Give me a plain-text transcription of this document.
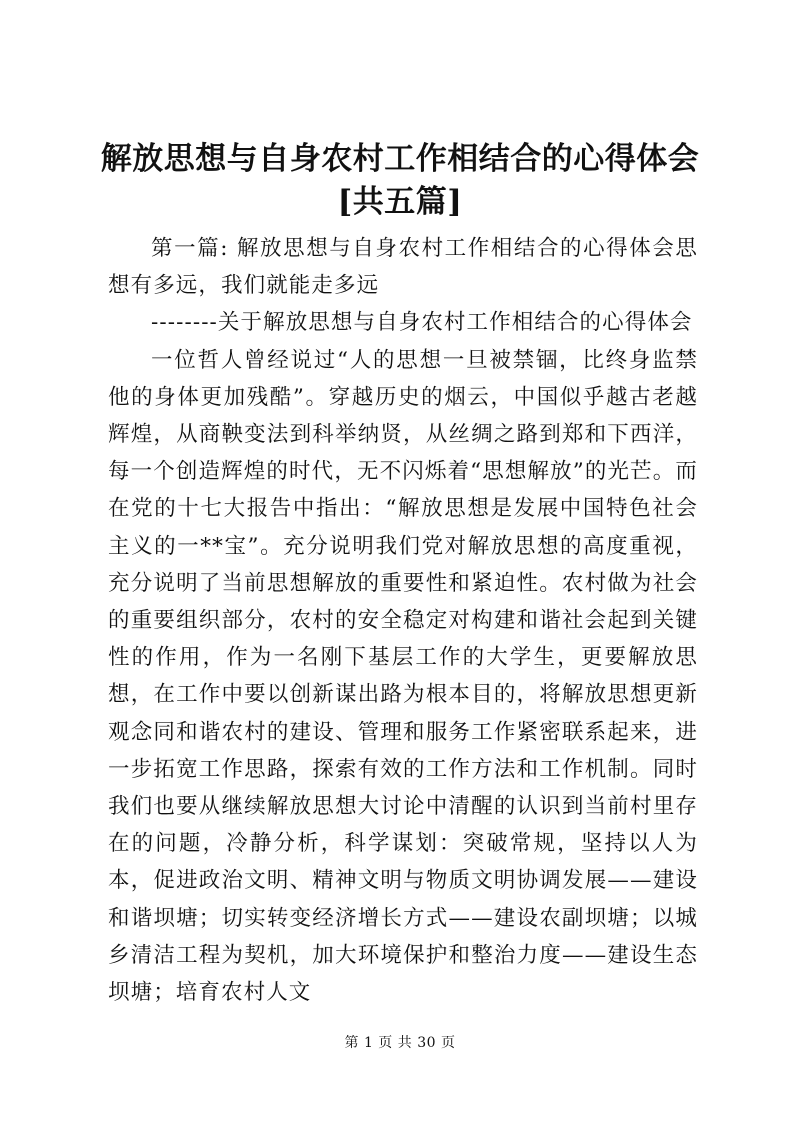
解放思想与自身农村工作相结合的心得体会
[共五篇]

第一篇: 解放思想与自身农村工作相结合的心得体会思想有多远，我们就能走多远

--------关于解放思想与自身农村工作相结合的心得体会

一位哲人曾经说过“人的思想一旦被禁锢，比终身监禁他的身体更加残酷”。穿越历史的烟云，中国似乎越古老越辉煌，从商鞅变法到科举纳贤，从丝绸之路到郑和下西洋，每一个创造辉煌的时代，无不闪烁着“思想解放”的光芒。而在党的十七大报告中指出：“解放思想是发展中国特色社会主义的一**宝”。充分说明我们党对解放思想的高度重视，充分说明了当前思想解放的重要性和紧迫性。农村做为社会的重要组织部分，农村的安全稳定对构建和谐社会起到关键性的作用，作为一名刚下基层工作的大学生，更要解放思想，在工作中要以创新谋出路为根本目的，将解放思想更新观念同和谐农村的建设、管理和服务工作紧密联系起来，进一步拓宽工作思路，探索有效的工作方法和工作机制。同时我们也要从继续解放思想大讨论中清醒的认识到当前村里存在的问题，冷静分析，科学谋划：突破常规，坚持以人为本，促进政治文明、精神文明与物质文明协调发展——建设和谐坝塘；切实转变经济增长方式——建设农副坝塘；以城乡清洁工程为契机，加大环境保护和整治力度——建设生态坝塘；培育农村人文

第 1 页 共 30 页
